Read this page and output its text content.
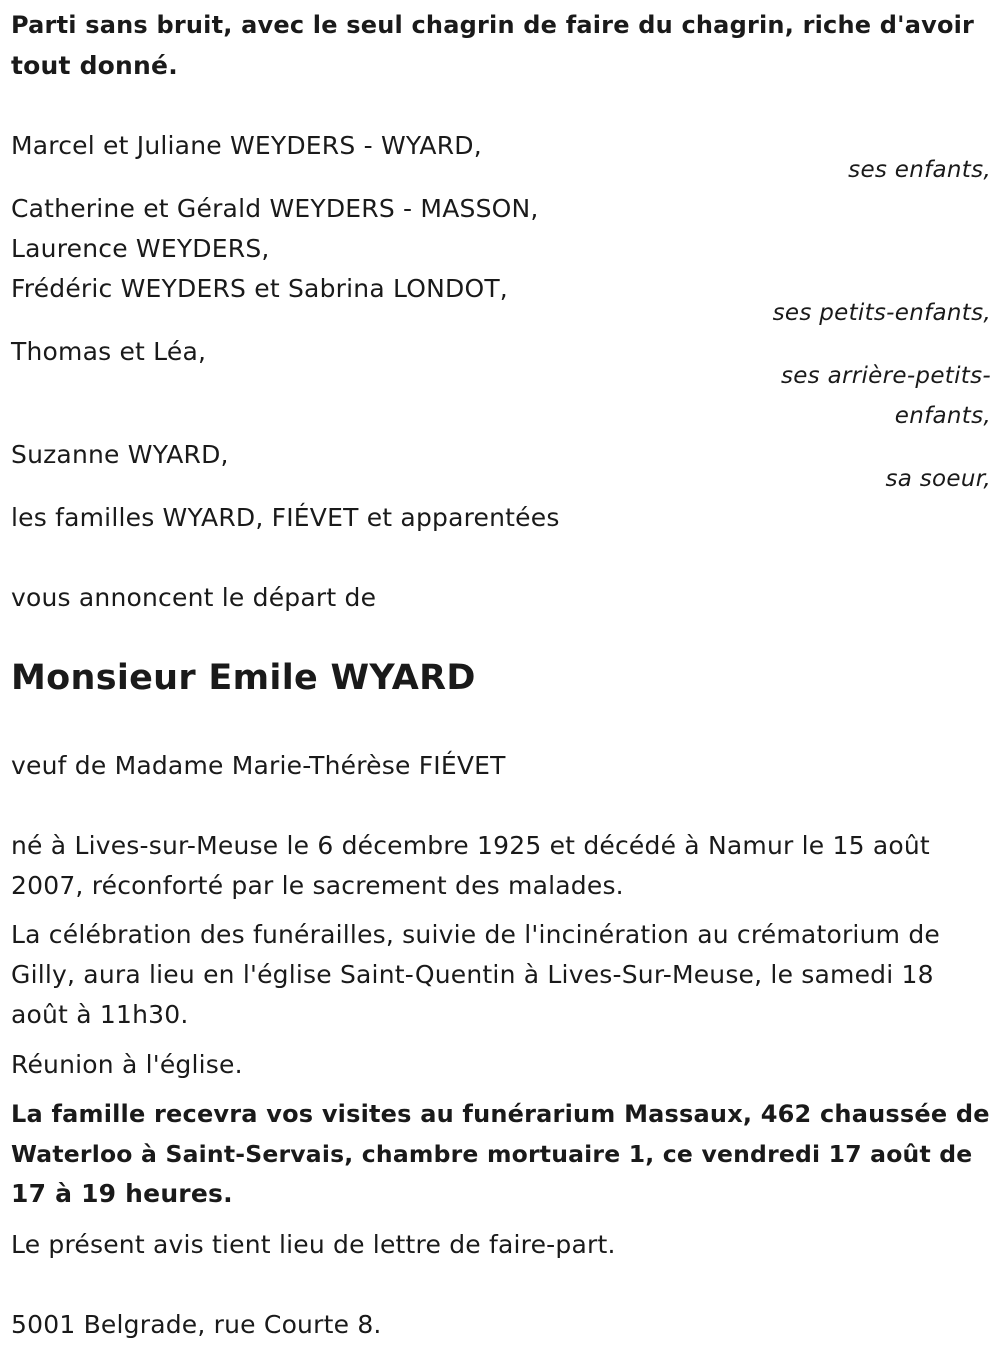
Parti sans bruit, avec le seul chagrin de faire du chagrin, riche d'avoir
tout donné.
Marcel et Juliane WEYDERS - WYARD,
ses enfants,
Catherine et Gérald WEYDERS - MASSON,
Laurence WEYDERS,
Frédéric WEYDERS et Sabrina LONDOT,
ses petits-enfants,
Thomas et Léa,
ses arrière-petits-
enfants,
Suzanne WYARD,
sa soeur,
les familles WYARD, FIÉVET et apparentées
vous annoncent le départ de
Monsieur Emile WYARD
veuf de Madame Marie-Thérèse FIÉVET
né à Lives-sur-Meuse le 6 décembre 1925 et décédé à Namur le 15 août
2007, réconforté par le sacrement des malades.
La célébration des funérailles, suivie de l'incinération au crématorium de
Gilly, aura lieu en l'église Saint-Quentin à Lives-Sur-Meuse, le samedi 18
août à 11h30.
Réunion à l'église.
La famille recevra vos visites au funérarium Massaux, 462 chaussée de
Waterloo à Saint-Servais, chambre mortuaire 1, ce vendredi 17 août de
17 à 19 heures.
Le présent avis tient lieu de lettre de faire-part.
5001 Belgrade, rue Courte 8.
